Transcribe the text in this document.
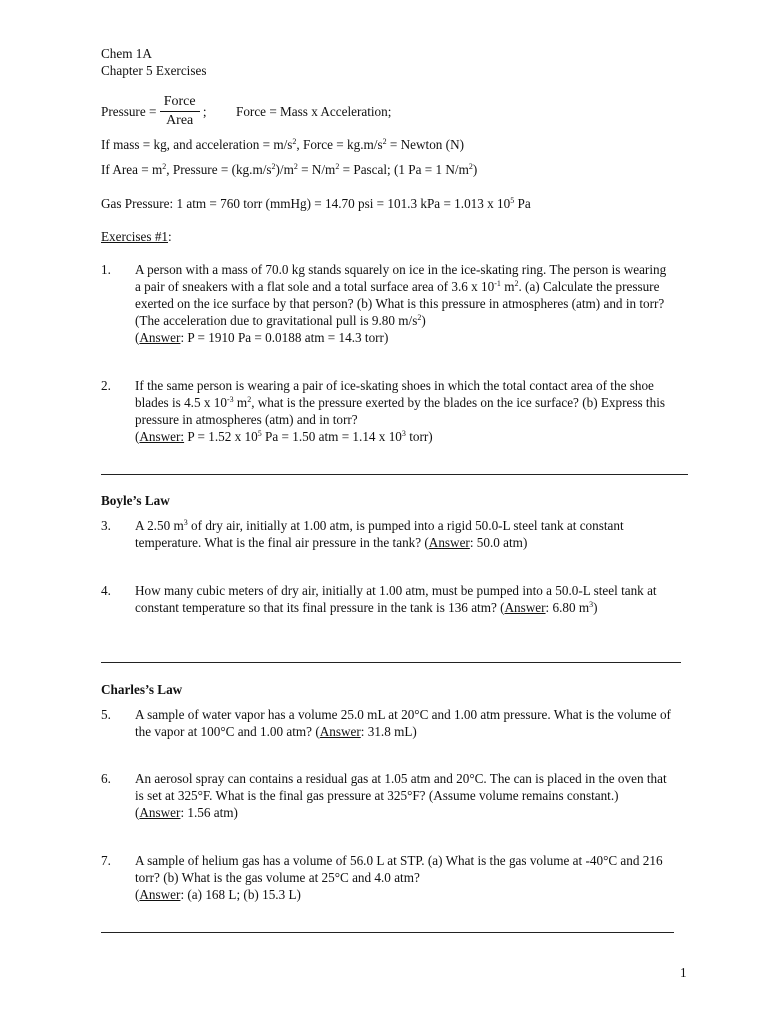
Chem 1A

Chapter 5 Exercises

Pressure = $\frac{\text{Force}}{\text{Area}}$ ; Force = Mass x Acceleration;

If mass = kg, and acceleration = $m/s^2$, Force = $kg.m/s^2$ = Newton (N)

If Area = $m^2$, Pressure = $(kg.m/s^2)/m^2 = N/m^2$ = Pascal; (1 Pa = 1 $N/m^2$)

Gas Pressure: 1 atm = 760 torr (mmHg) = 14.70 psi = 101.3 kPa = 1.013 x $10^5$ Pa

Exercises #1:

1. A person with a mass of 70.0 kg stands squarely on ice in the ice-skating ring. The person is wearing
a pair of sneakers with a flat sole and a total surface area of 3.6 x $10^{-1}$ $m^2$. (a) Calculate the pressure
exerted on the ice surface by that person? (b) What is this pressure in atmospheres (atm) and in torr?
(The acceleration due to gravitational pull is 9.80 $m/s^2$)
(Answer: P = 1910 Pa = 0.0188 atm = 14.3 torr)
2. If the same person is wearing a pair of ice-skating shoes in which the total contact area of the shoe
blades is 4.5 x $10^{-3}$ $m^2$, what is the pressure exerted by the blades on the ice surface? (b) Express this
pressure in atmospheres (atm) and in torr?
(Answer: P = 1.52 x $10^5$ Pa = 1.50 atm = 1.14 x $10^3$ torr)

Boyle’s Law

3. A 2.50 $m^3$ of dry air, initially at 1.00 atm, is pumped into a rigid 50.0-L steel tank at constant
temperature. What is the final air pressure in the tank? (Answer: 50.0 atm)
4. How many cubic meters of dry air, initially at 1.00 atm, must be pumped into a 50.0-L steel tank at
constant temperature so that its final pressure in the tank is 136 atm? (Answer: 6.80 $m^3$)

Charles’s Law

5. A sample of water vapor has a volume 25.0 mL at 20°C and 1.00 atm pressure. What is the volume of
the vapor at 100°C and 1.00 atm? (Answer: 31.8 mL)
6. An aerosol spray can contains a residual gas at 1.05 atm and 20°C. The can is placed in the oven that
is set at 325°F. What is the final gas pressure at 325°F? (Assume volume remains constant.)
(Answer: 1.56 atm)
7. A sample of helium gas has a volume of 56.0 L at STP. (a) What is the gas volume at -40°C and 216
torr? (b) What is the gas volume at 25°C and 4.0 atm?
(Answer: (a) 168 L; (b) 15.3 L)

1
